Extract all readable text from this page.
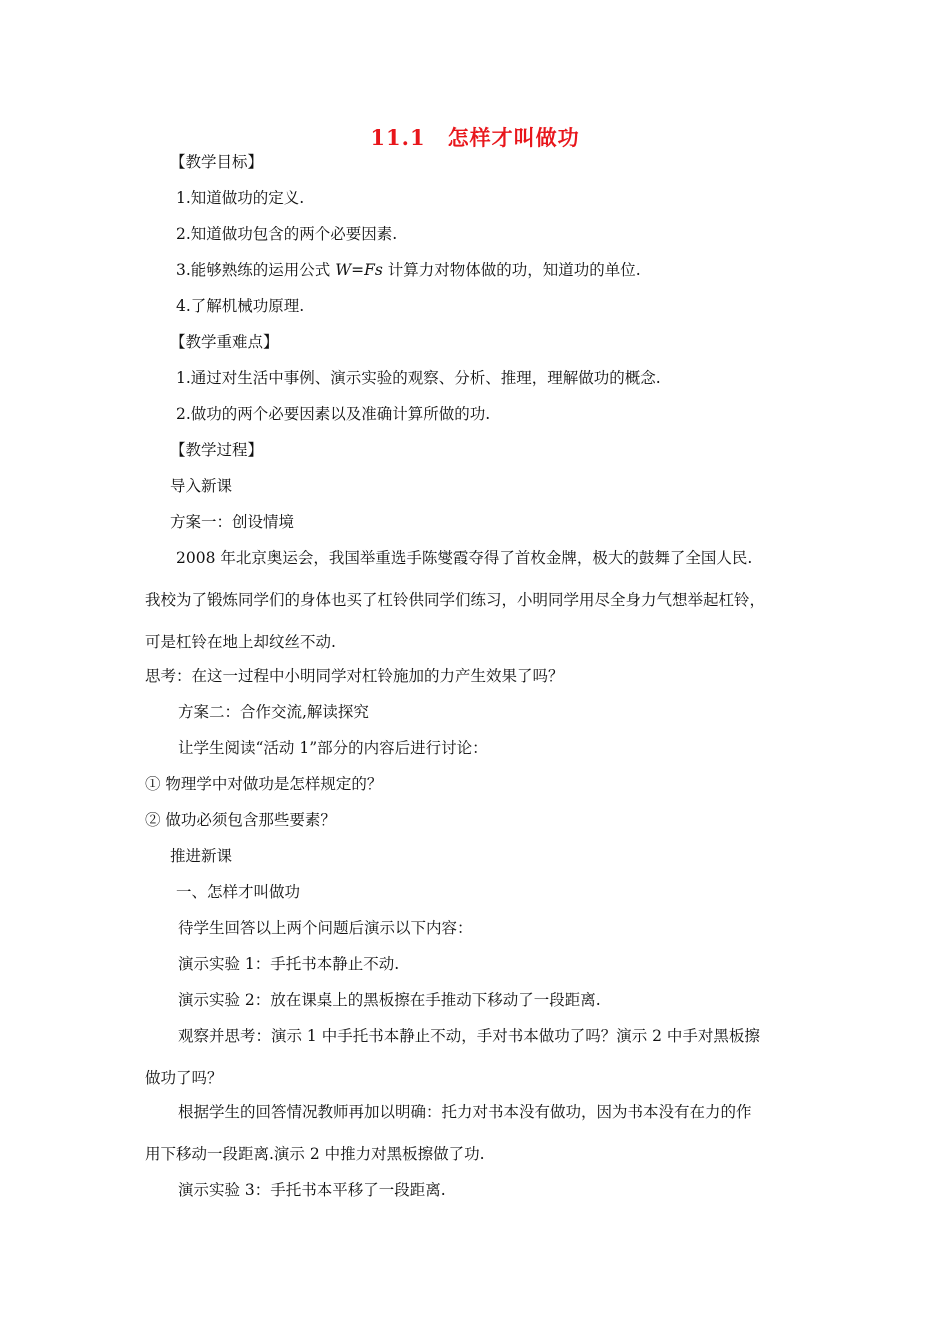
11.1　怎样才叫做功
【教学目标】
1.知道做功的定义.
2.知道做功包含的两个必要因素.
3.能够熟练的运用公式 W=Fs 计算力对物体做的功，知道功的单位.
4.了解机械功原理.
【教学重难点】
1.通过对生活中事例、演示实验的观察、分析、推理，理解做功的概念.
2.做功的两个必要因素以及准确计算所做的功.
【教学过程】
导入新课
方案一：创设情境
2008 年北京奥运会，我国举重选手陈燮霞夺得了首枚金牌，极大的鼓舞了全国人民.
我校为了锻炼同学们的身体也买了杠铃供同学们练习，小明同学用尽全身力气想举起杠铃，
可是杠铃在地上却纹丝不动.
思考：在这一过程中小明同学对杠铃施加的力产生效果了吗？
方案二：合作交流,解读探究
让学生阅读“活动 1”部分的内容后进行讨论：
① 物理学中对做功是怎样规定的？
② 做功必须包含那些要素？
推进新课
一、怎样才叫做功
待学生回答以上两个问题后演示以下内容：
演示实验 1：手托书本静止不动.
演示实验 2：放在课桌上的黑板擦在手推动下移动了一段距离.
观察并思考：演示 1 中手托书本静止不动，手对书本做功了吗？演示 2 中手对黑板擦
做功了吗？
根据学生的回答情况教师再加以明确：托力对书本没有做功，因为书本没有在力的作
用下移动一段距离.演示 2 中推力对黑板擦做了功.
演示实验 3：手托书本平移了一段距离.
